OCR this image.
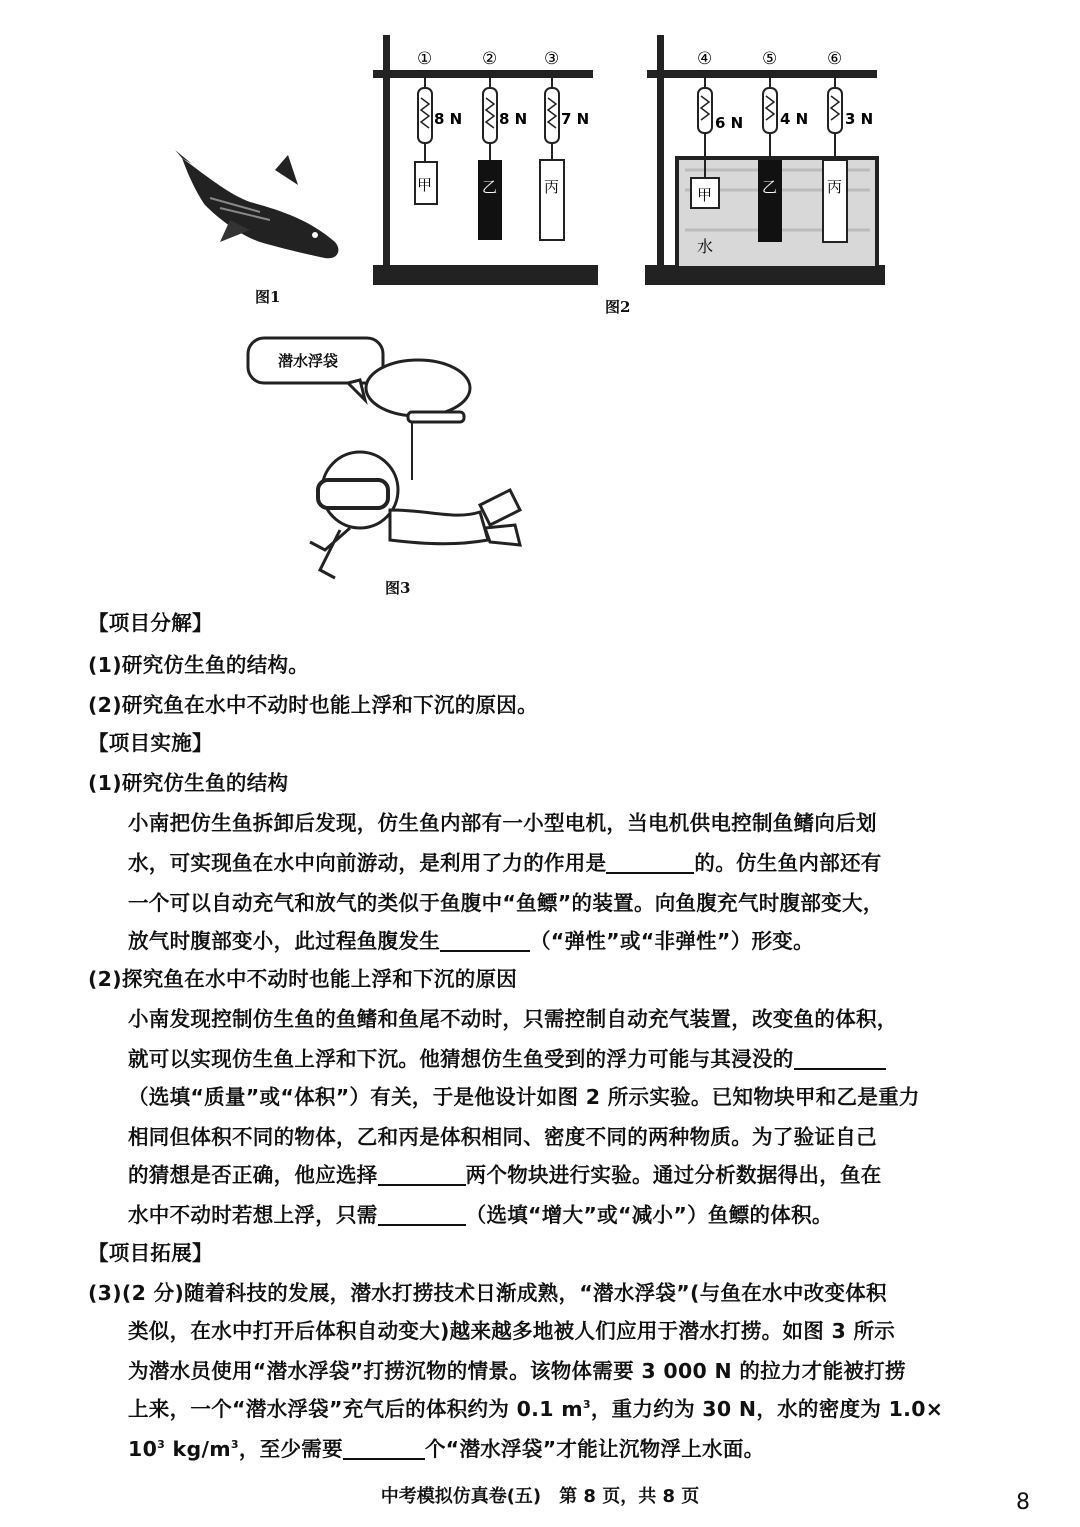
图1
①	②	③	④	⑤	⑥
8 N 8 N 7 N	6 N 4 N 3 N
甲	乙	丙	甲	乙	丙
水
图2
潜水浮袋
图3
【项目分解】
(1)研究仿生鱼的结构。
(2)研究鱼在水中不动时也能上浮和下沉的原因。
【项目实施】
(1)研究仿生鱼的结构
小南把仿生鱼拆卸后发现，仿生鱼内部有一小型电机，当电机供电控制鱼鳍向后划
水，可实现鱼在水中向前游动，是利用了力的作用是	的。仿生鱼内部还有
一个可以自动充气和放气的类似于鱼腹中“鱼鳔”的装置。向鱼腹充气时腹部变大，
放气时腹部变小，此过程鱼腹发生	（“弹性”或“非弹性”）形变。
(2)探究鱼在水中不动时也能上浮和下沉的原因
小南发现控制仿生鱼的鱼鳍和鱼尾不动时，只需控制自动充气装置，改变鱼的体积，
就可以实现仿生鱼上浮和下沉。他猜想仿生鱼受到的浮力可能与其浸没的
（选填“质量”或“体积”）有关，于是他设计如图 2 所示实验。已知物块甲和乙是重力
相同但体积不同的物体，乙和丙是体积相同、密度不同的两种物质。为了验证自己
的猜想是否正确，他应选择	两个物块进行实验。通过分析数据得出，鱼在
水中不动时若想上浮，只需	（选填“增大”或“减小”）鱼鳔的体积。
【项目拓展】
(3)(2 分)随着科技的发展，潜水打捞技术日渐成熟，“潜水浮袋”(与鱼在水中改变体积
类似，在水中打开后体积自动变大)越来越多地被人们应用于潜水打捞。如图 3 所示
为潜水员使用“潜水浮袋”打捞沉物的情景。该物体需要 3 000 N 的拉力才能被打捞
上来，一个“潜水浮袋”充气后的体积约为 0.1 $m^3$，重力约为 30 N，水的密度为 1.0×
$10^3$ $kg/m^3$，至少需要	个“潜水浮袋”才能让沉物浮上水面。
中考模拟仿真卷(五)　第 8 页，共 8 页	8
